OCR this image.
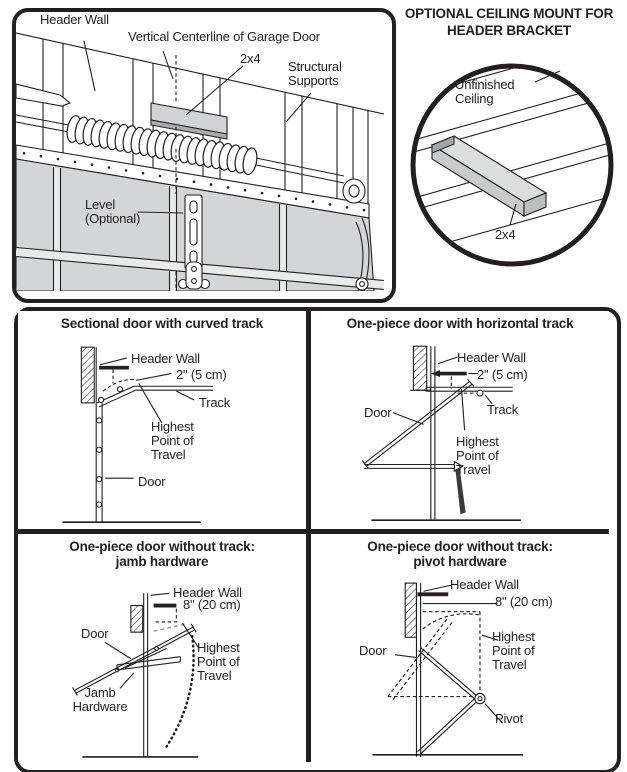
Header Wall
Vertical Centerline of Garage Door
2x4
Structural Supports
Level (Optional)
OPTIONAL CEILING MOUNT FOR HEADER BRACKET
Unfinished Ceiling
2x4
Sectional door with curved track
Header Wall
2" (5 cm)
Track
Highest Point of Travel
Door
One-piece door with horizontal track
Header Wall
2" (5 cm)
Track
Door
Highest Point of Travel
One-piece door without track:
jamb hardware
Header Wall
8" (20 cm)
Door
Jamb Hardware
Highest Point of Travel
One-piece door without track:
pivot hardware
Header Wall
8" (20 cm)
Door
Highest Point of Travel
Pivot
